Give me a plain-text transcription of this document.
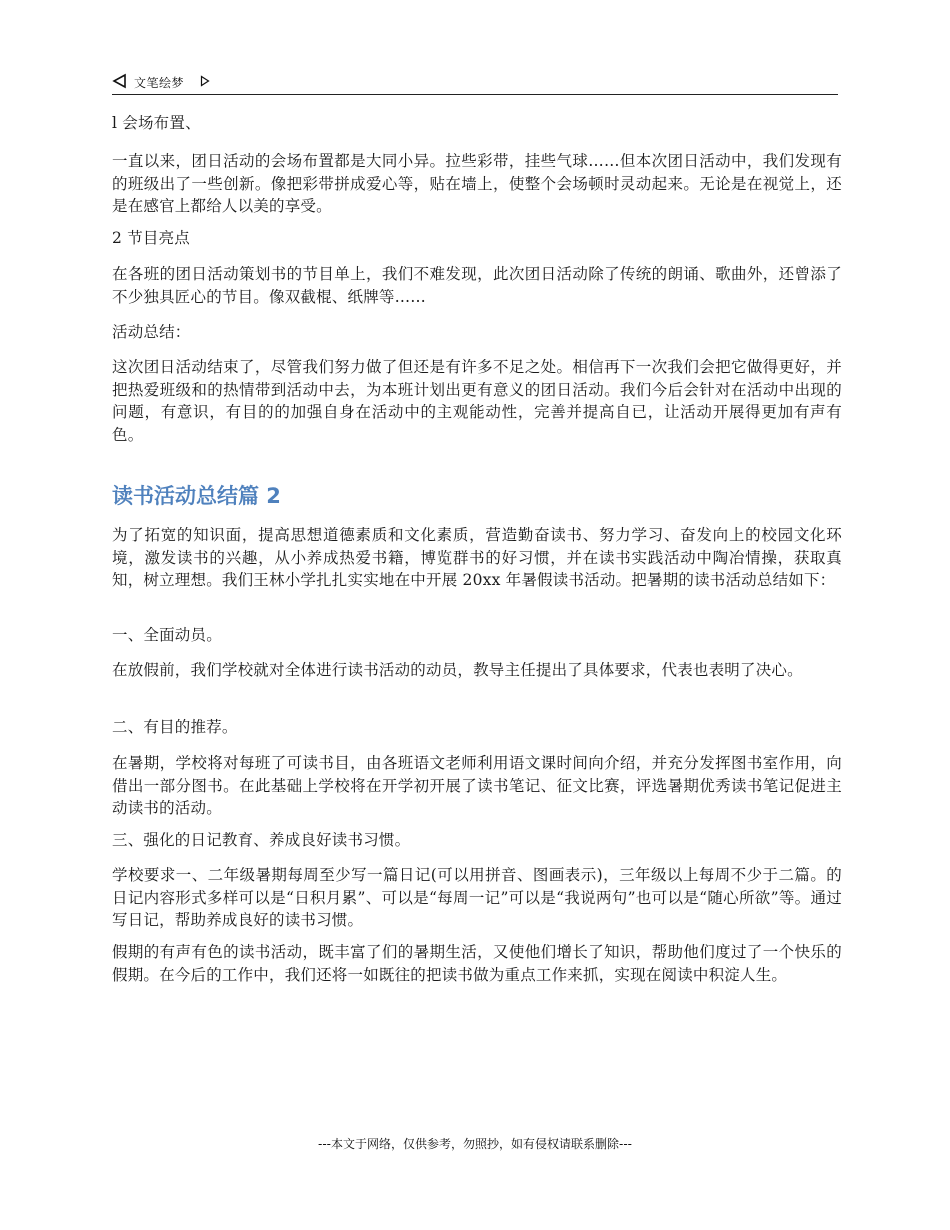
文笔绘梦

l 会场布置、

一直以来，团日活动的会场布置都是大同小异。拉些彩带，挂些气球……但本次团日活动中，我们发现有的班级出了一些创新。像把彩带拼成爱心等，贴在墙上，使整个会场顿时灵动起来。无论是在视觉上，还是在感官上都给人以美的享受。

2 节目亮点

在各班的团日活动策划书的节目单上，我们不难发现，此次团日活动除了传统的朗诵、歌曲外，还曾添了不少独具匠心的节目。像双截棍、纸牌等……

活动总结：

这次团日活动结束了，尽管我们努力做了但还是有许多不足之处。相信再下一次我们会把它做得更好，并把热爱班级和的热情带到活动中去，为本班计划出更有意义的团日活动。我们今后会针对在活动中出现的问题，有意识，有目的的加强自身在活动中的主观能动性，完善并提高自已，让活动开展得更加有声有色。

读书活动总结篇 2

为了拓宽的知识面，提高思想道德素质和文化素质，营造勤奋读书、努力学习、奋发向上的校园文化环境，激发读书的兴趣，从小养成热爱书籍，博览群书的好习惯，并在读书实践活动中陶冶情操，获取真知，树立理想。我们王林小学扎扎实实地在中开展 20xx 年暑假读书活动。把暑期的读书活动总结如下：

一、全面动员。

在放假前，我们学校就对全体进行读书活动的动员，教导主任提出了具体要求，代表也表明了决心。

二、有目的推荐。

在暑期，学校将对每班了可读书目，由各班语文老师利用语文课时间向介绍，并充分发挥图书室作用，向借出一部分图书。在此基础上学校将在开学初开展了读书笔记、征文比赛，评选暑期优秀读书笔记促进主动读书的活动。

三、强化的日记教育、养成良好读书习惯。

学校要求一、二年级暑期每周至少写一篇日记(可以用拼音、图画表示)，三年级以上每周不少于二篇。的日记内容形式多样可以是“日积月累”、可以是“每周一记”可以是“我说两句”也可以是“随心所欲”等。通过写日记，帮助养成良好的读书习惯。

假期的有声有色的读书活动，既丰富了们的暑期生活，又使他们增长了知识，帮助他们度过了一个快乐的假期。在今后的工作中，我们还将一如既往的把读书做为重点工作来抓，实现在阅读中积淀人生。

---本文于网络，仅供参考，勿照抄，如有侵权请联系删除---
